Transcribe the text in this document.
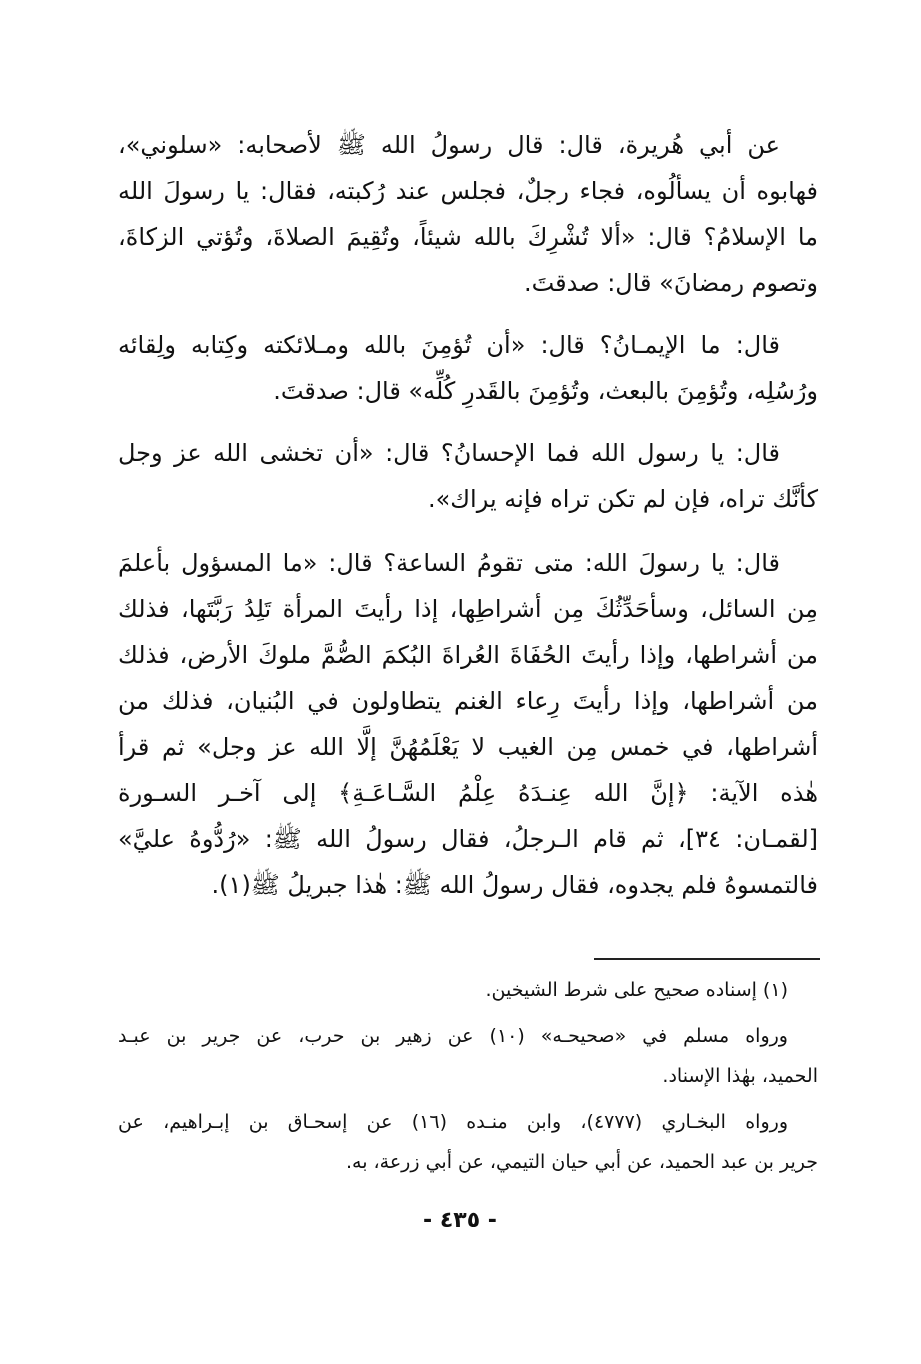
عن أبي هُريرة، قال: قال رسولُ الله ﷺ لأصحابه: «سلوني»،
فهابوه أن يسألُوه، فجاء رجلٌ، فجلس عند رُكبته، فقال: يا رسولَ الله
ما الإسلامُ؟ قال: «ألا تُشْرِكَ بالله شيئاً، وتُقِيمَ الصلاةَ، وتُؤتي الزكاةَ،
وتصوم رمضانَ» قال: صدقتَ.

قال: ما الإيمـانُ؟ قال: «أن تُؤمِنَ بالله ومـلائكته وكِتابه ولِقائه
ورُسُلِه، وتُؤمِنَ بالبعث، وتُؤمِنَ بالقَدرِ كُلِّه» قال: صدقتَ.

قال: يا رسول الله فما الإحسانُ؟ قال: «أن تخشى الله عز وجل
كأنَّك تراه، فإن لم تكن تراه فإنه يراك».

قال: يا رسولَ الله: متى تقومُ الساعة؟ قال: «ما المسؤول بأعلمَ
مِن السائل، وسأحَدِّثُكَ مِن أشراطِها، إذا رأيتَ المرأة تَلِدُ رَبَّتَها، فذلك
من أشراطها، وإذا رأيتَ الحُفَاةَ العُراةَ البُكمَ الصُّمَّ ملوكَ الأرض، فذلك
من أشراطها، وإذا رأيتَ رِعاء الغنم يتطاولون في البُنيان، فذلك من
أشراطها، في خمس مِن الغيب لا يَعْلَمُهُنَّ إلَّا الله عز وجل» ثم قرأ
هٰذه الآية: ﴿إنَّ الله عِنـدَهُ عِلْمُ السَّـاعَـةِ﴾ إلى آخـر السـورة
[لقمـان: ٣٤]، ثم قام الـرجلُ، فقال رسولُ الله ﷺ: «رُدُّوهُ عليَّ»
فالتمسوهُ فلم يجدوه، فقال رسولُ الله ﷺ: هٰذا جبريلُ ﷺ(١).

(١) إسناده صحيح على شرط الشيخين.

ورواه مسلم في «صحيحـه» (١٠) عن زهير بن حرب، عن جرير بن عبـد
الحميد، بهٰذا الإسناد.

ورواه البخـاري (٤٧٧٧)، وابن منـده (١٦) عن إسحـاق بن إبـراهيم، عن
جرير بن عبد الحميد، عن أبي حيان التيمي، عن أبي زرعة، به.

- ٤٣٥ -
